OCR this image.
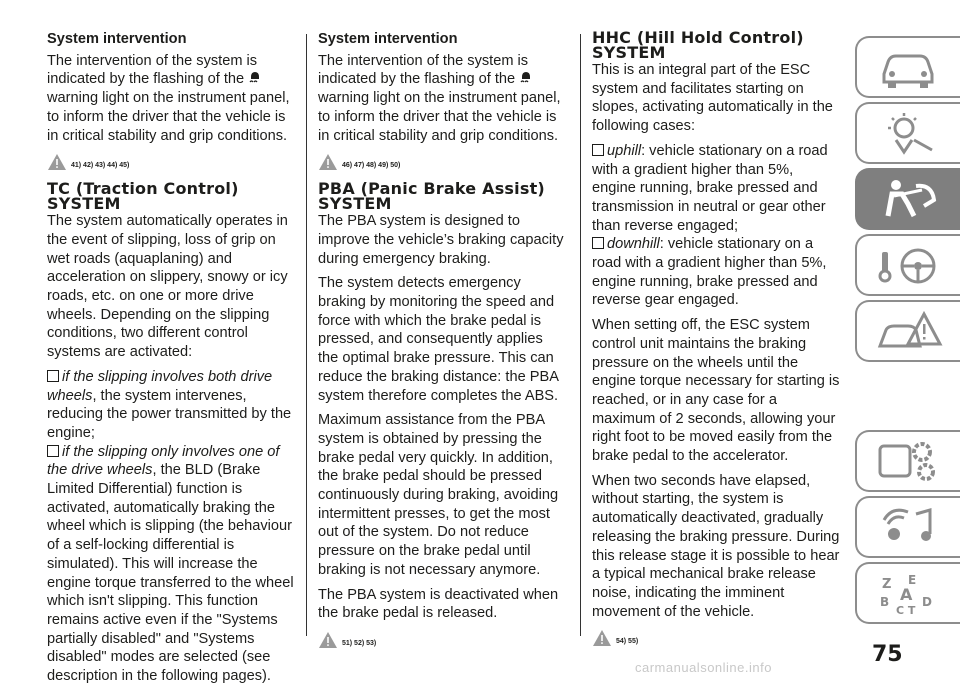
System intervention

The intervention of the system is indicated by the flashing of the  warning light on the instrument panel, to inform the driver that the vehicle is in critical stability and grip conditions.

41) 42) 43) 44) 45)
TC (Traction Control) SYSTEM

The system automatically operates in the event of slipping, loss of grip on wet roads (aquaplaning) and acceleration on slippery, snowy or icy roads, etc. on one or more drive wheels. Depending on the slipping conditions, two different control systems are activated:

if the slipping involves both drive wheels, the system intervenes, reducing the power transmitted by the engine;
if the slipping only involves one of the drive wheels, the BLD (Brake Limited Differential) function is activated, automatically braking the wheel which is slipping (the behaviour of a self-locking differential is simulated). This will increase the engine torque transferred to the wheel which isn't slipping. This function remains active even if the "Systems partially disabled" and "Systems disabled" modes are selected (see description in the following pages).
System intervention

The intervention of the system is indicated by the flashing of the  warning light on the instrument panel, to inform the driver that the vehicle is in critical stability and grip conditions.

46) 47) 48) 49) 50)
PBA (Panic Brake Assist) SYSTEM

The PBA system is designed to improve the vehicle’s braking capacity during emergency braking.

The system detects emergency braking by monitoring the speed and force with which the brake pedal is pressed, and consequently applies the optimal brake pressure. This can reduce the braking distance: the PBA system therefore completes the ABS.

Maximum assistance from the PBA system is obtained by pressing the brake pedal very quickly. In addition, the brake pedal should be pressed continuously during braking, avoiding intermittent presses, to get the most out of the system. Do not reduce pressure on the brake pedal until braking is not necessary anymore.

The PBA system is deactivated when the brake pedal is released.

51) 52) 53)
HHC (Hill Hold Control) SYSTEM

This is an integral part of the ESC system and facilitates starting on slopes, activating automatically in the following cases:

uphill: vehicle stationary on a road with a gradient higher than 5%, engine running, brake pressed and transmission in neutral or gear other than reverse engaged;
downhill: vehicle stationary on a road with a gradient higher than 5%, engine running, brake pressed and reverse gear engaged.

When setting off, the ESC system control unit maintains the braking pressure on the wheels until the engine torque necessary for starting is reached, or in any case for a maximum of 2 seconds, allowing your right foot to be moved easily from the brake pedal to the accelerator.

When two seconds have elapsed, without starting, the system is automatically deactivated, gradually releasing the braking pressure. During this release stage it is possible to hear a typical mechanical brake release noise, indicating the imminent movement of the vehicle.

54) 55)
Z E
A
B	D
C T
75
carmanualsonline.info
